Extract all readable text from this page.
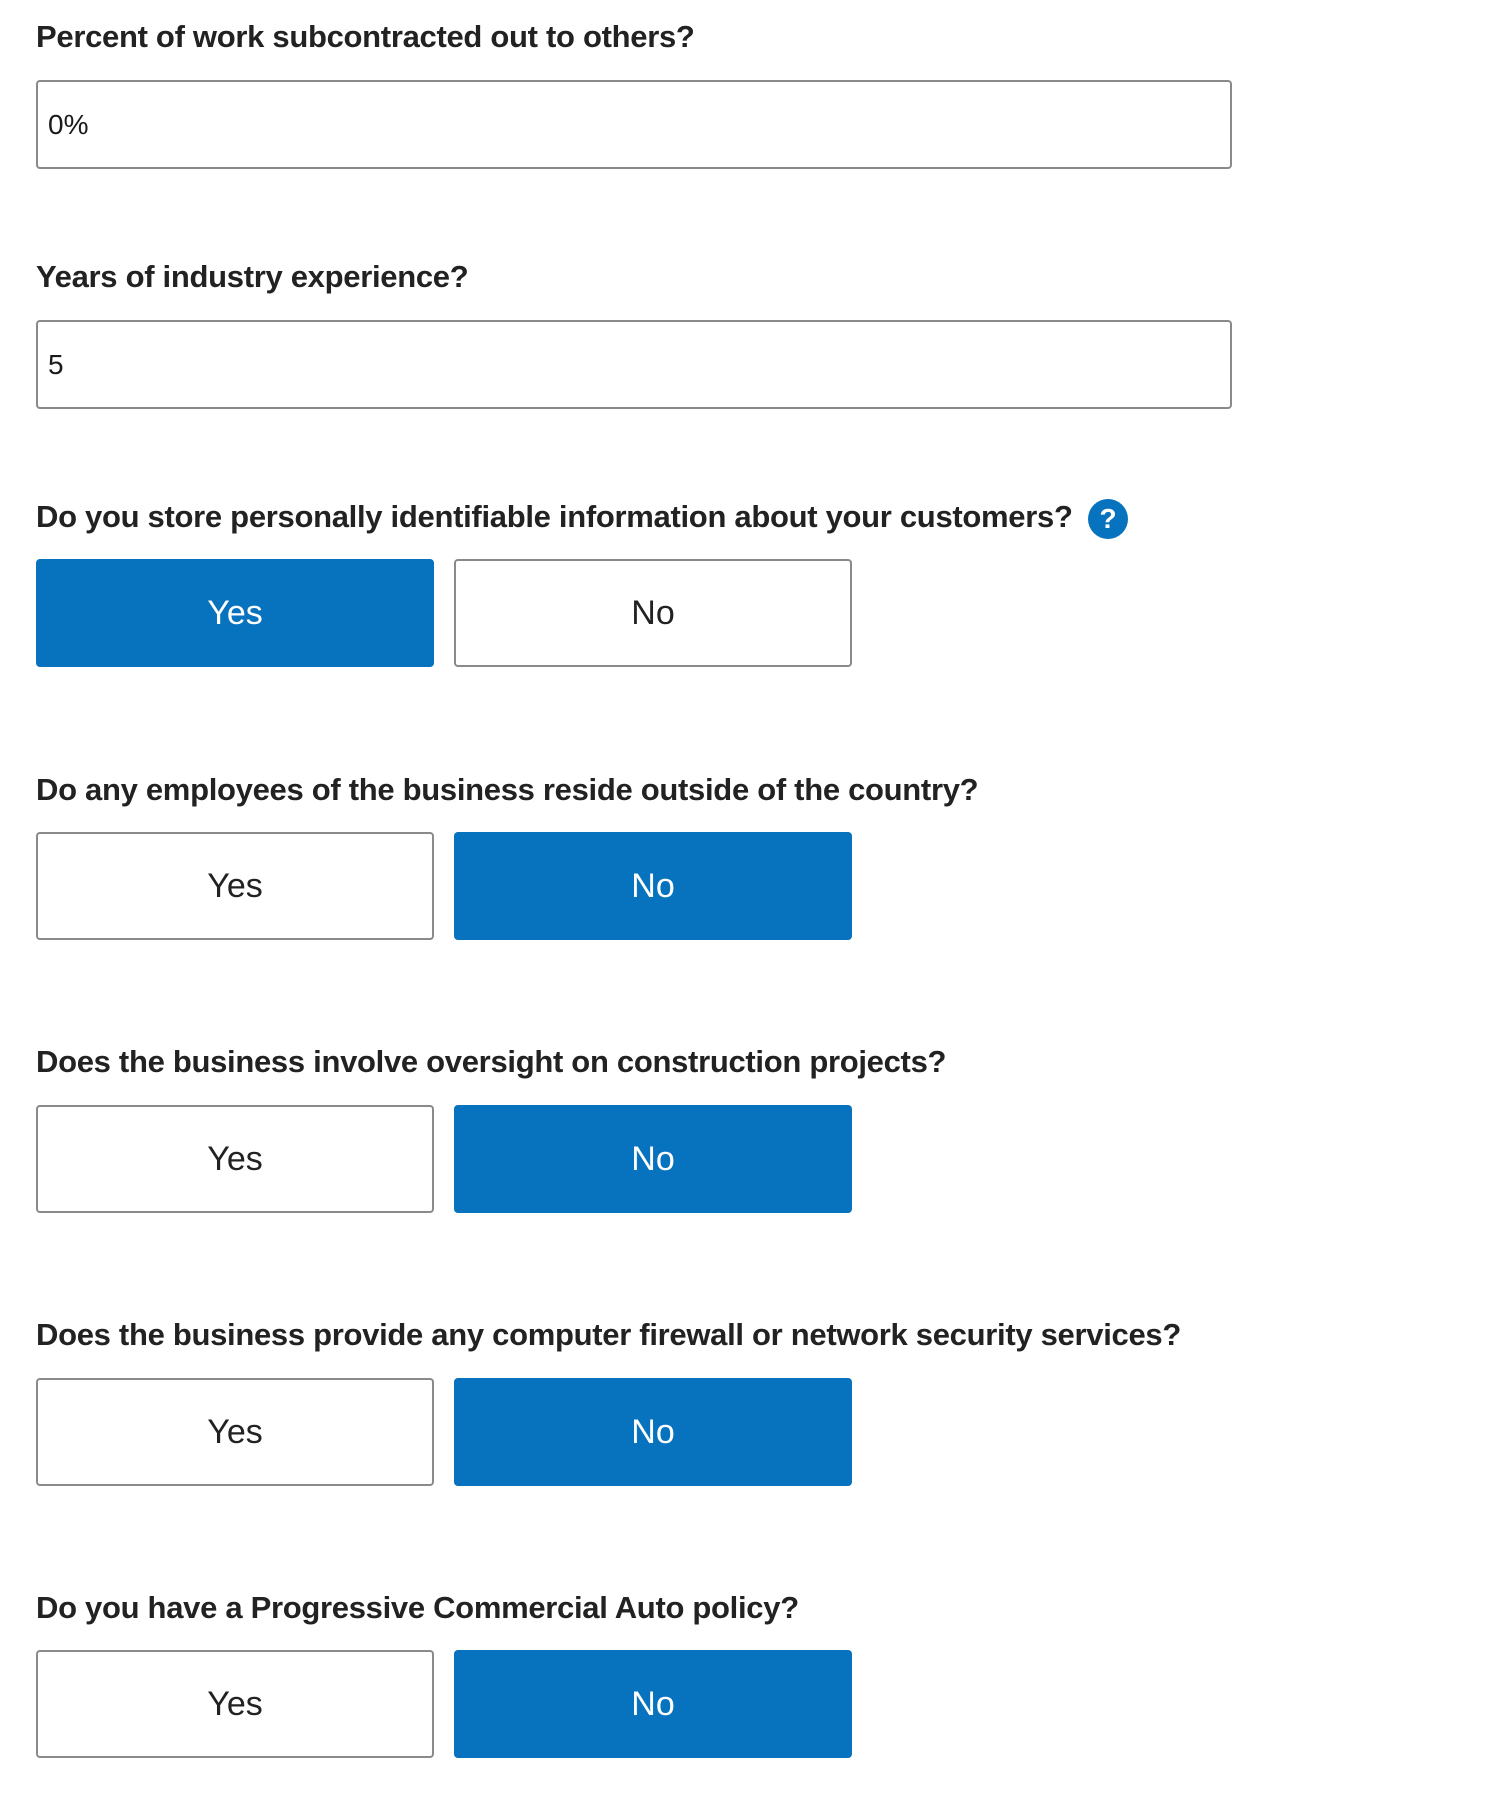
Percent of work subcontracted out to others?
0%
Years of industry experience?
5
Do you store personally identifiable information about your customers? ?
Yes	No
Do any employees of the business reside outside of the country?
Yes	No
Does the business involve oversight on construction projects?
Yes	No
Does the business provide any computer firewall or network security services?
Yes	No
Do you have a Progressive Commercial Auto policy?
Yes	No
